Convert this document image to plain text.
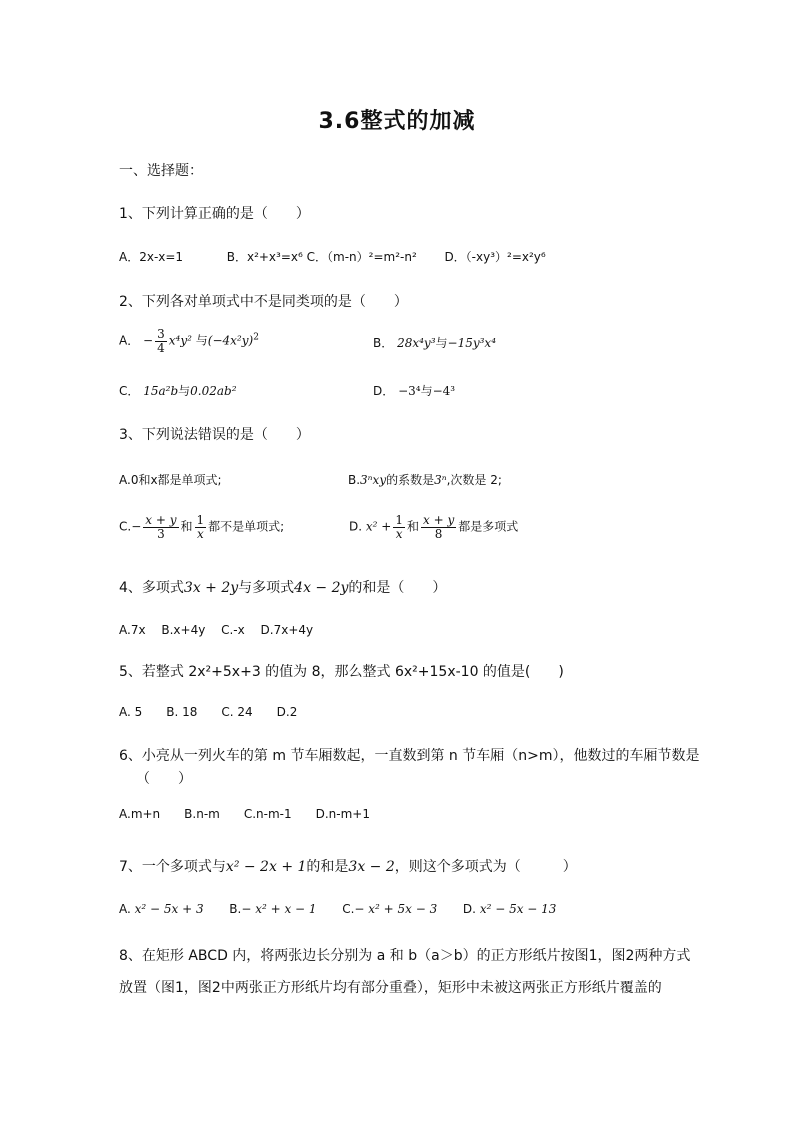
3.6整式的加减
一、选择题：
1、下列计算正确的是（　　）
A．2x-x=1	B．x²+x³=x⁶ C．（m-n）²=m²-n² D．（-xy³）²=x²y⁶
2、下列各对单项式中不是同类项的是（　　）
A． − $\frac{3}{4} x^4y^2$ 与$(-4x^2y)^2$	B． 28x⁴y³与−15y³x⁴
C． 15a²b与0.02ab²	D． −3⁴与−4³
3、下列说法错误的是（　　）
A.0和x都是单项式;	B.3ⁿxy的系数是3ⁿ,次数是 2;
$C.- \frac{x + y}{3}$ 和 $\frac{1}{x}$ 都不是单项式;	D. $x^2 + \frac{1}{x}$ 和 $\frac{x + y}{8}$ 都是多项式
4、多项式3x + 2y与多项式4x − 2y的和是（　　）
A.7x　 B.x+4y　 C.-x　 D.7x+4y
5、若整式 2x²+5x+3 的值为 8，那么整式 6x²+15x-10 的值是(　　)
A. 5　　B. 18　　C. 24　　D.2
6、小亮从一列火车的第 m 节车厢数起，一直数到第 n 节车厢（n>m），他数过的车厢节数是
（　　）
A.m+n　　B.n-m　　C.n-m-1　　D.n-m+1
7、一个多项式与x² − 2x + 1的和是3x − 2，则这个多项式为（　　　）
A. x² − 5x + 3 B.− x² + x − 1 C.− x² + 5x − 3 D. x² − 5x − 13
8、在矩形 ABCD 内，将两张边长分别为 a 和 b（a＞b）的正方形纸片按图1，图2两种方式
放置（图1，图2中两张正方形纸片均有部分重叠），矩形中未被这两张正方形纸片覆盖的
